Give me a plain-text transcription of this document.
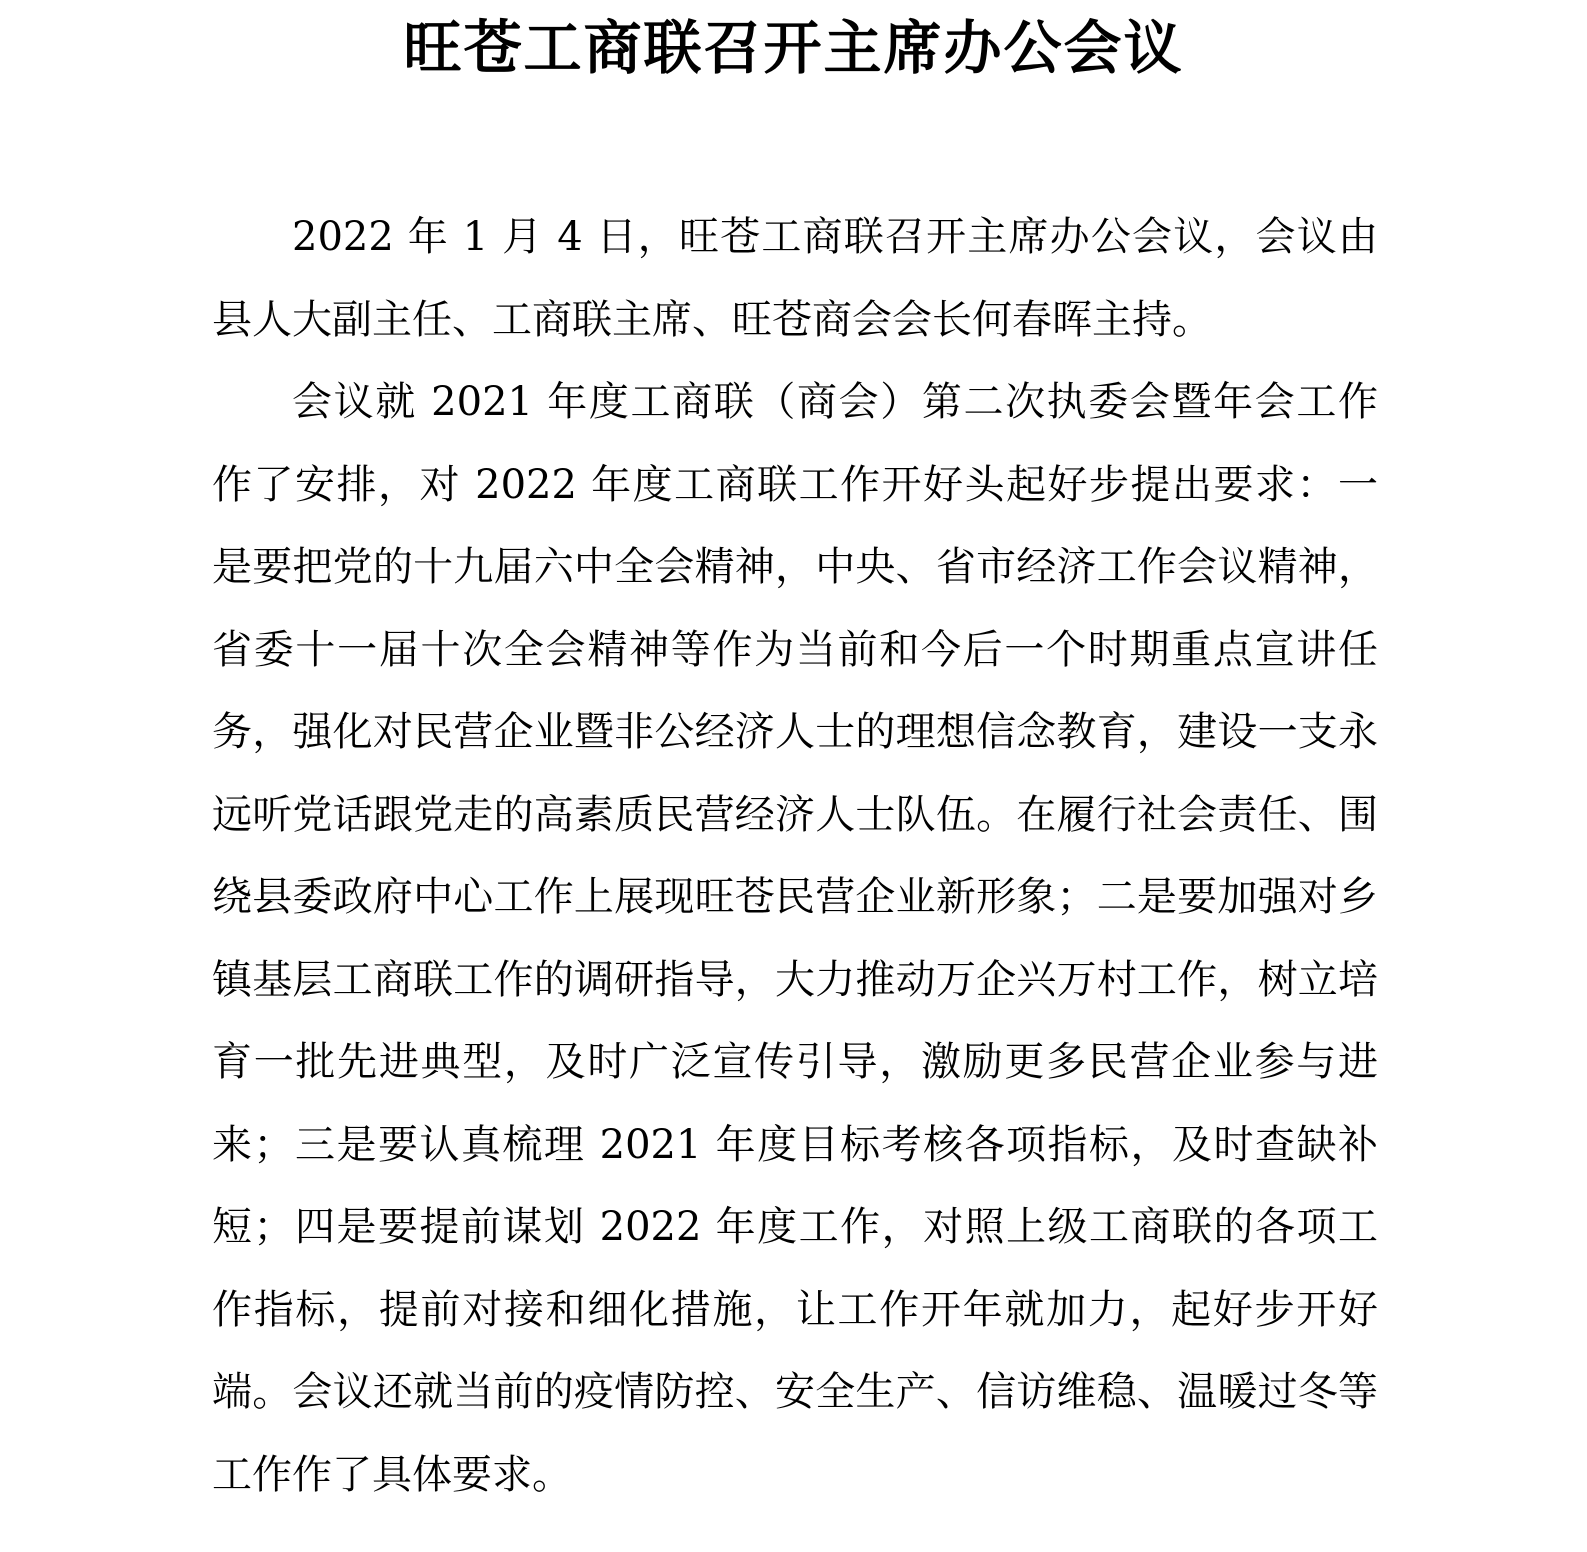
旺苍工商联召开主席办公会议

2022 年 1 月 4 日，旺苍工商联召开主席办公会议，会议由县人大副主任、工商联主席、旺苍商会会长何春晖主持。

会议就 2021 年度工商联（商会）第二次执委会暨年会工作作了安排，对 2022 年度工商联工作开好头起好步提出要求：一是要把党的十九届六中全会精神，中央、省市经济工作会议精神，省委十一届十次全会精神等作为当前和今后一个时期重点宣讲任务，强化对民营企业暨非公经济人士的理想信念教育，建设一支永远听党话跟党走的高素质民营经济人士队伍。在履行社会责任、围绕县委政府中心工作上展现旺苍民营企业新形象；二是要加强对乡镇基层工商联工作的调研指导，大力推动万企兴万村工作，树立培育一批先进典型，及时广泛宣传引导，激励更多民营企业参与进来；三是要认真梳理 2021 年度目标考核各项指标，及时查缺补短；四是要提前谋划 2022 年度工作，对照上级工商联的各项工作指标，提前对接和细化措施，让工作开年就加力，起好步开好端。会议还就当前的疫情防控、安全生产、信访维稳、温暖过冬等工作作了具体要求。
